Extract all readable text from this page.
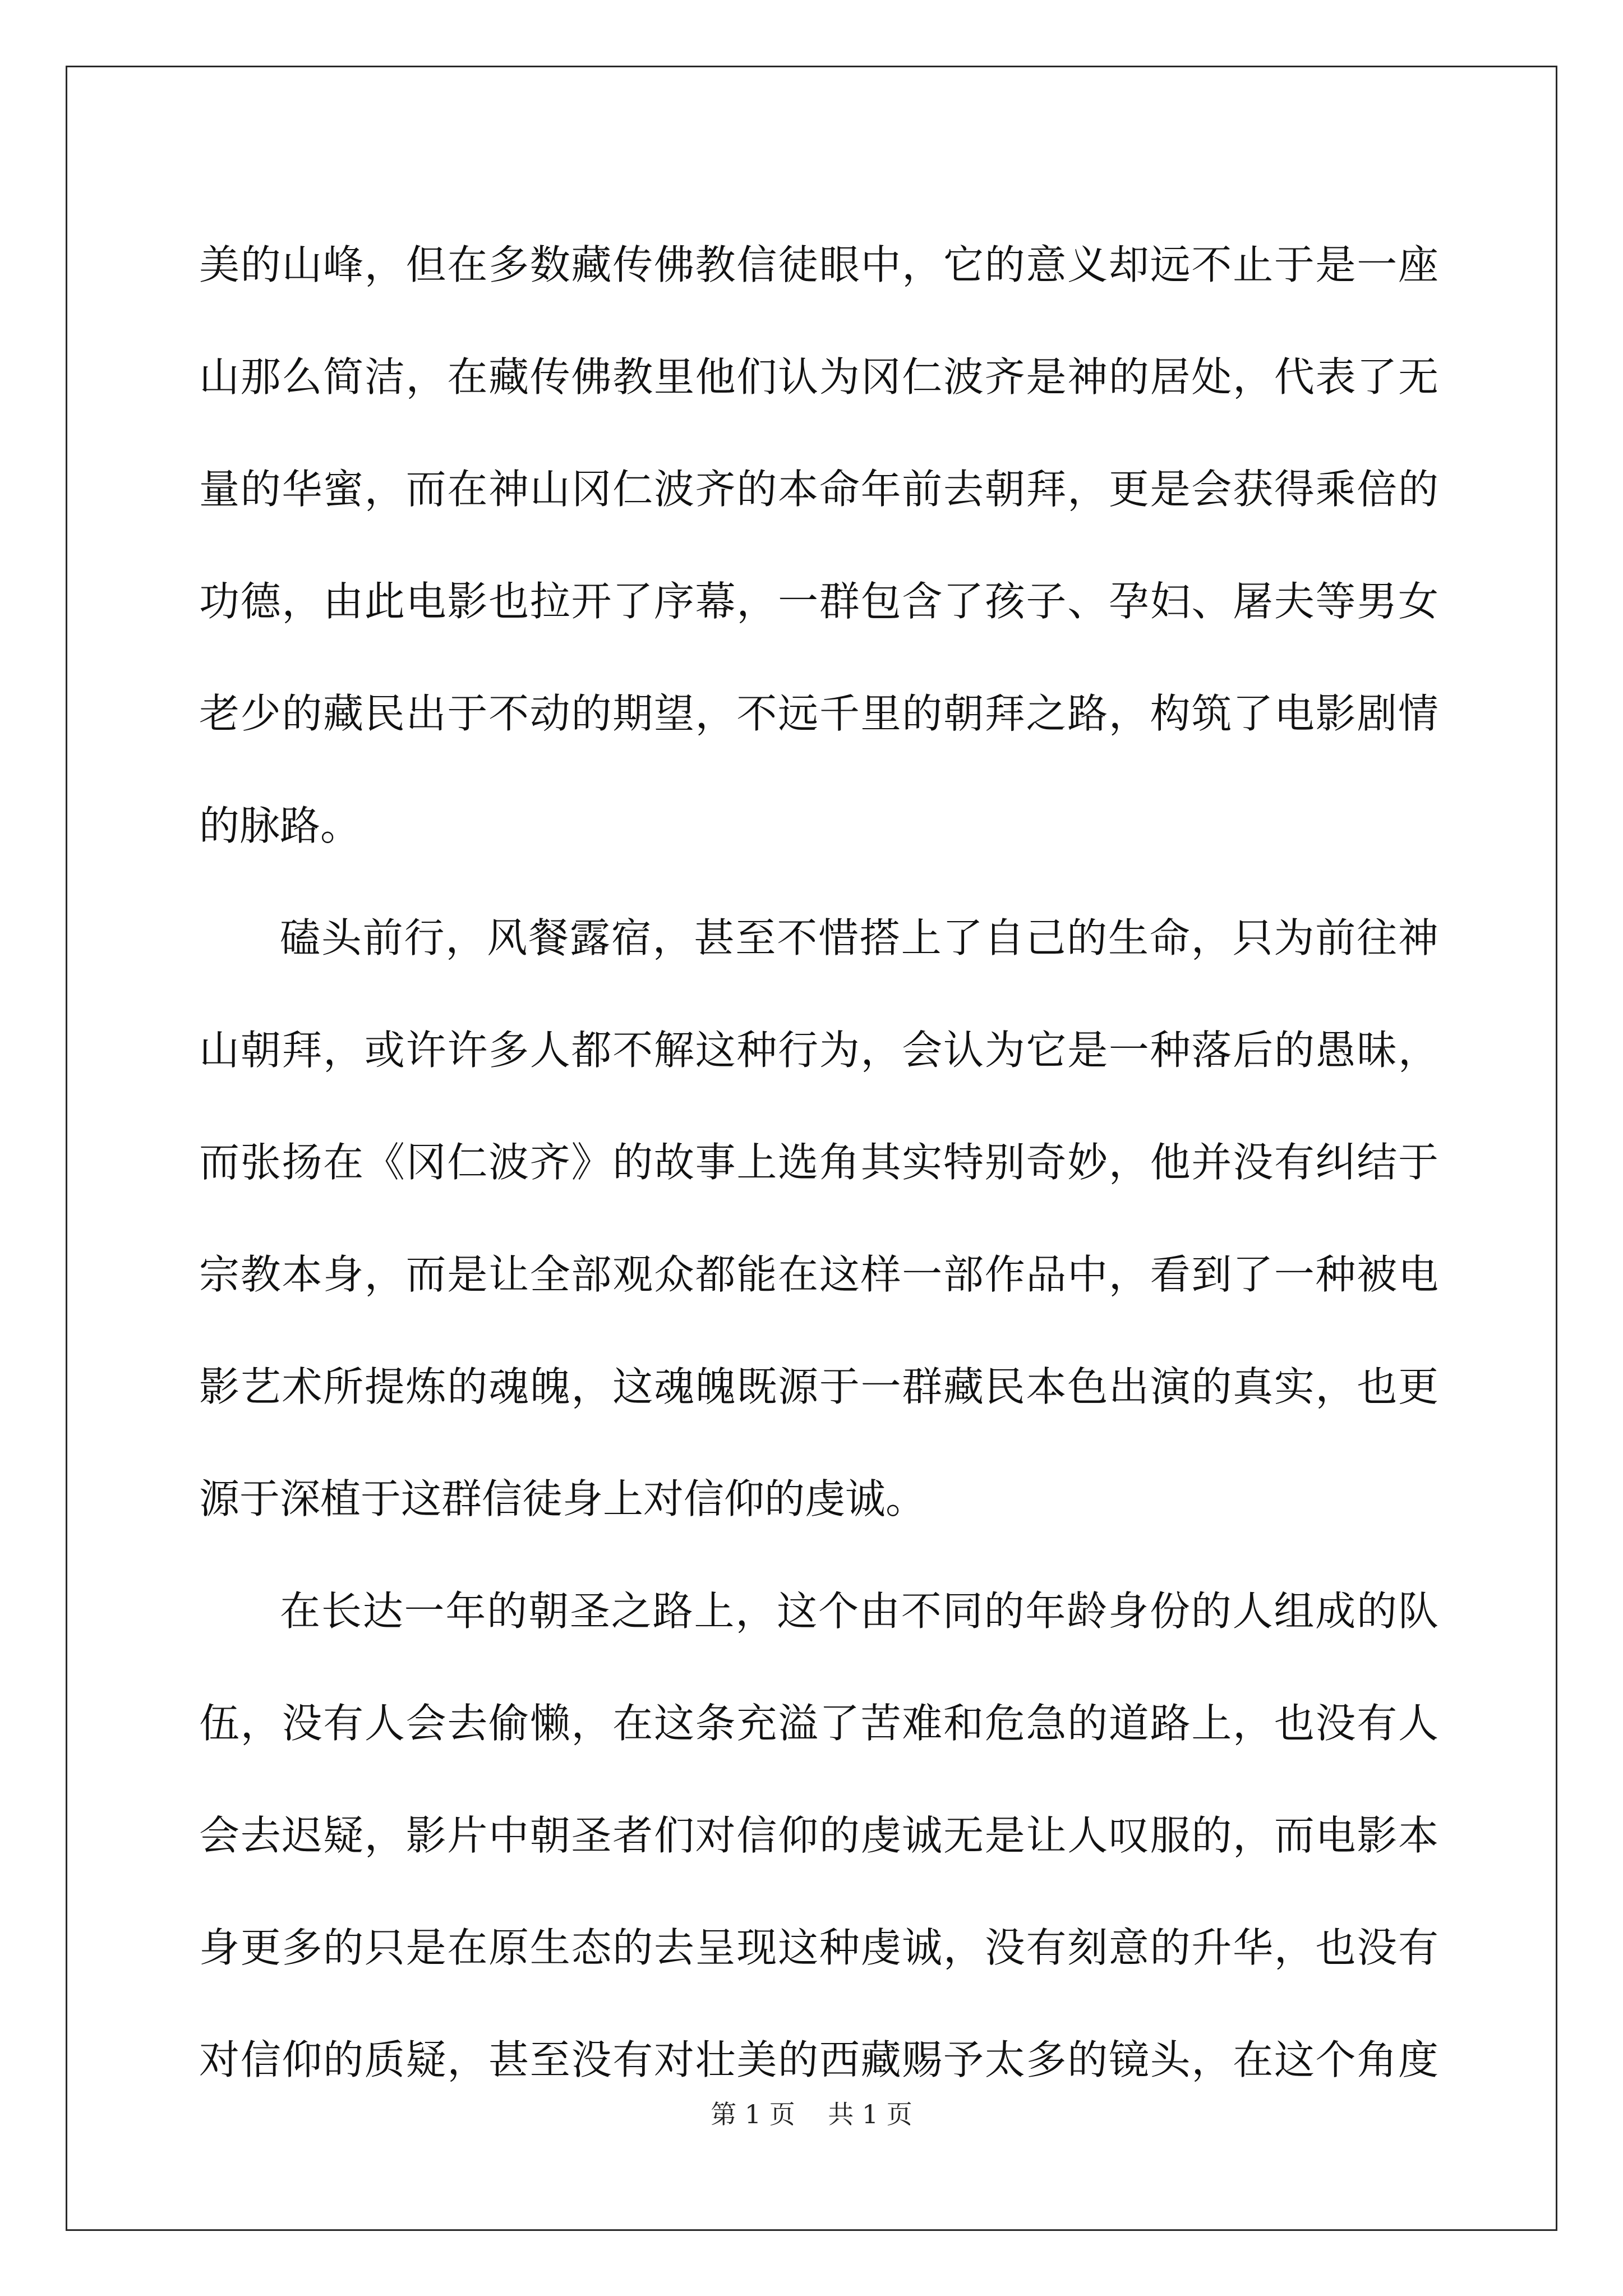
美的山峰，但在多数藏传佛教信徒眼中，它的意义却远不止于是一座
山那么简洁，在藏传佛教里他们认为冈仁波齐是神的居处，代表了无
量的华蜜，而在神山冈仁波齐的本命年前去朝拜，更是会获得乘倍的
功德，由此电影也拉开了序幕，一群包含了孩子、孕妇、屠夫等男女
老少的藏民出于不动的期望，不远千里的朝拜之路，构筑了电影剧情
的脉路。
磕头前行，风餐露宿，甚至不惜搭上了自己的生命，只为前往神
山朝拜，或许许多人都不解这种行为，会认为它是一种落后的愚昧，
而张扬在《冈仁波齐》的故事上选角其实特别奇妙，他并没有纠结于
宗教本身，而是让全部观众都能在这样一部作品中，看到了一种被电
影艺术所提炼的魂魄，这魂魄既源于一群藏民本色出演的真实，也更
源于深植于这群信徒身上对信仰的虔诚。
在长达一年的朝圣之路上，这个由不同的年龄身份的人组成的队
伍，没有人会去偷懒，在这条充溢了苦难和危急的道路上，也没有人
会去迟疑，影片中朝圣者们对信仰的虔诚无是让人叹服的，而电影本
身更多的只是在原生态的去呈现这种虔诚，没有刻意的升华，也没有
对信仰的质疑，甚至没有对壮美的西藏赐予太多的镜头，在这个角度
第 1 页    共 1 页
